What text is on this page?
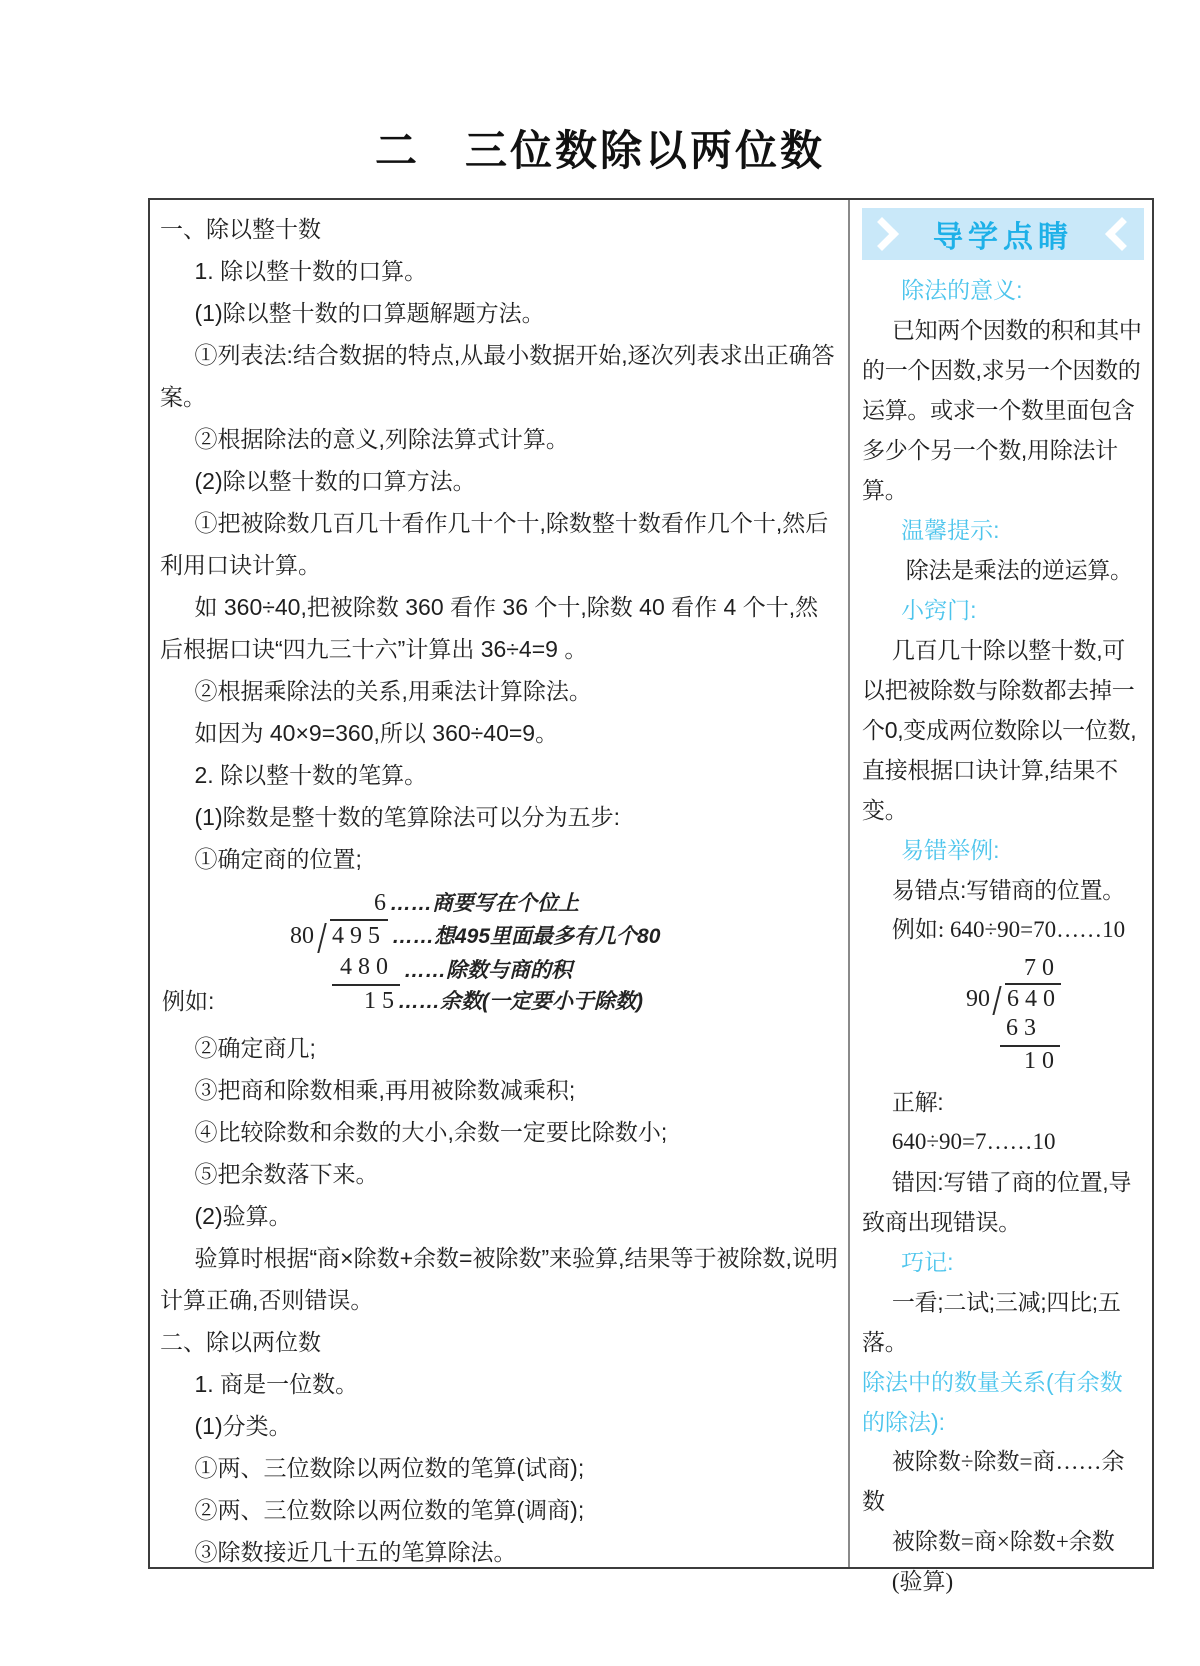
二　三位数除以两位数

一、除以整十数

1. 除以整十数的口算。

(1)除以整十数的口算题解题方法。

①列表法:结合数据的特点,从最小数据开始,逐次列表求出正确答案。

②根据除法的意义,列除法算式计算。

(2)除以整十数的口算方法。

①把被除数几百几十看作几十个十,除数整十数看作几个十,然后利用口诀计算。

如 360÷40,把被除数 360 看作 36 个十,除数 40 看作 4 个十,然后根据口诀“四九三十六”计算出 36÷4=9 。

②根据乘除法的关系,用乘法计算除法。

如因为 40×9=360,所以 360÷40=9。

2. 除以整十数的笔算。

(1)除数是整十数的笔算除法可以分为五步:

①确定商的位置;

例如:
6 ……商要写在个位上
80 4 9 5 ……想495里面最多有几个80
4 8 0 ……除数与商的积
1 5 ……余数(一定要小于除数)

②确定商几;

③把商和除数相乘,再用被除数减乘积;

④比较除数和余数的大小,余数一定要比除数小;

⑤把余数落下来。

(2)验算。

验算时根据“商×除数+余数=被除数”来验算,结果等于被除数,说明计算正确,否则错误。

二、除以两位数

1. 商是一位数。

(1)分类。

①两、三位数除以两位数的笔算(试商);

②两、三位数除以两位数的笔算(调商);

③除数接近几十五的笔算除法。

导学点睛
除法的意义:

已知两个因数的积和其中的一个因数,求另一个因数的运算。或求一个数里面包含多少个另一个数,用除法计算。

温馨提示:

除法是乘法的逆运算。

小窍门:

几百几十除以整十数,可以把被除数与除数都去掉一个0,变成两位数除以一位数,直接根据口诀计算,结果不变。

易错举例:

易错点:写错商的位置。

例如: 640÷90=70……10

7 0
90 6 4 0
6 3
1 0

正解:

640÷90=7……10

错因:写错了商的位置,导致商出现错误。

巧记:

一看;二试;三减;四比;五落。

除法中的数量关系(有余数的除法):

被除数÷除数=商……余数

被除数=商×除数+余数

(验算)
